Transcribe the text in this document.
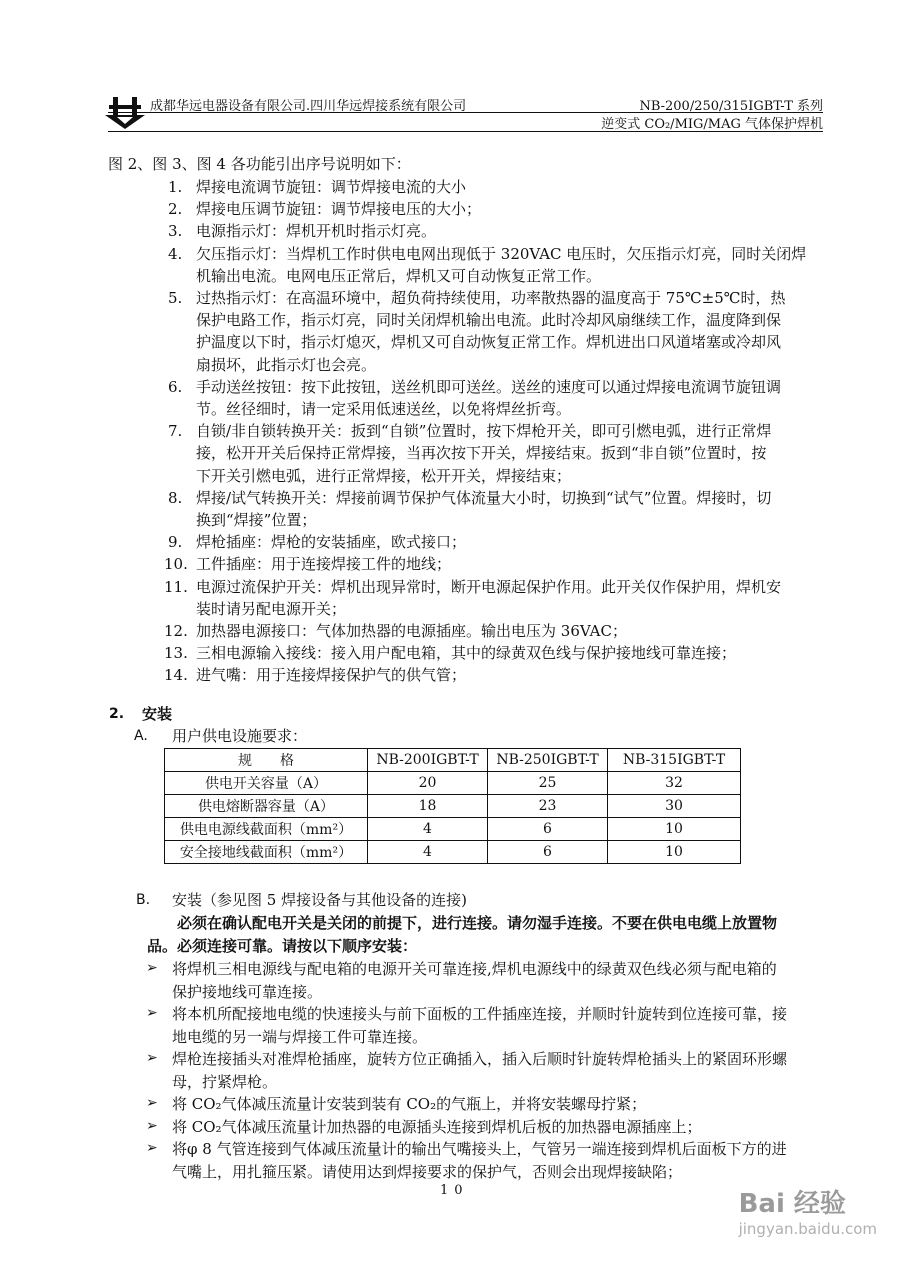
成都华远电器设备有限公司.四川华远焊接系统有限公司	NB-200/250/315IGBT-T 系列
逆变式 CO₂/MIG/MAG 气体保护焊机
图 2、图 3、图 4 各功能引出序号说明如下：
1. 焊接电流调节旋钮：调节焊接电流的大小
2. 焊接电压调节旋钮：调节焊接电压的大小；
3. 电源指示灯：焊机开机时指示灯亮。
4. 欠压指示灯：当焊机工作时供电电网出现低于 320VAC 电压时，欠压指示灯亮，同时关闭焊
机输出电流。电网电压正常后，焊机又可自动恢复正常工作。
5. 过热指示灯：在高温环境中，超负荷持续使用，功率散热器的温度高于 75℃±5℃时，热
保护电路工作，指示灯亮，同时关闭焊机输出电流。此时冷却风扇继续工作，温度降到保
护温度以下时，指示灯熄灭，焊机又可自动恢复正常工作。焊机进出口风道堵塞或冷却风
扇损坏，此指示灯也会亮。
6. 手动送丝按钮：按下此按钮，送丝机即可送丝。送丝的速度可以通过焊接电流调节旋钮调
节。丝径细时，请一定采用低速送丝，以免将焊丝折弯。
7. 自锁/非自锁转换开关：扳到“自锁”位置时，按下焊枪开关，即可引燃电弧，进行正常焊
接，松开开关后保持正常焊接，当再次按下开关，焊接结束。扳到“非自锁”位置时，按
下开关引燃电弧，进行正常焊接，松开开关，焊接结束；
8. 焊接/试气转换开关：焊接前调节保护气体流量大小时，切换到“试气”位置。焊接时，切
换到“焊接”位置；
9. 焊枪插座：焊枪的安装插座，欧式接口；
10. 工件插座：用于连接焊接工件的地线；
11. 电源过流保护开关：焊机出现异常时，断开电源起保护作用。此开关仅作保护用，焊机安
装时请另配电源开关；
12. 加热器电源接口：气体加热器的电源插座。输出电压为 36VAC；
13. 三相电源输入接线：接入用户配电箱，其中的绿黄双色线与保护接地线可靠连接；
14. 进气嘴：用于连接焊接保护气的供气管；
2. 安装
A. 用户供电设施要求：
规　　格	NB-200IGBT-T	NB-250IGBT-T	NB-315IGBT-T
供电开关容量（A）	20	25	32
供电熔断器容量（A）	18	23	30
供电电源线截面积（mm²）	4	6	10
安全接地线截面积（mm²）	4	6	10
B. 安装（参见图 5 焊接设备与其他设备的连接)
必须在确认配电开关是关闭的前提下，进行连接。请勿湿手连接。不要在供电电缆上放置物
品。必须连接可靠。请按以下顺序安装：
➢ 将焊机三相电源线与配电箱的电源开关可靠连接,焊机电源线中的绿黄双色线必须与配电箱的
保护接地线可靠连接。
➢ 将本机所配接地电缆的快速接头与前下面板的工件插座连接，并顺时针旋转到位连接可靠，接
地电缆的另一端与焊接工件可靠连接。
➢ 焊枪连接插头对准焊枪插座，旋转方位正确插入，插入后顺时针旋转焊枪插头上的紧固环形螺
母，拧紧焊枪。
➢ 将 CO₂气体减压流量计安装到装有 CO₂的气瓶上，并将安装螺母拧紧；
➢ 将 CO₂气体减压流量计加热器的电源插头连接到焊机后板的加热器电源插座上；
➢ 将φ 8 气管连接到气体减压流量计的输出气嘴接头上，气管另一端连接到焊机后面板下方的进
气嘴上，用扎箍压紧。请使用达到焊接要求的保护气，否则会出现焊接缺陷；
10	Bai 经验
jingyan.baidu.com
